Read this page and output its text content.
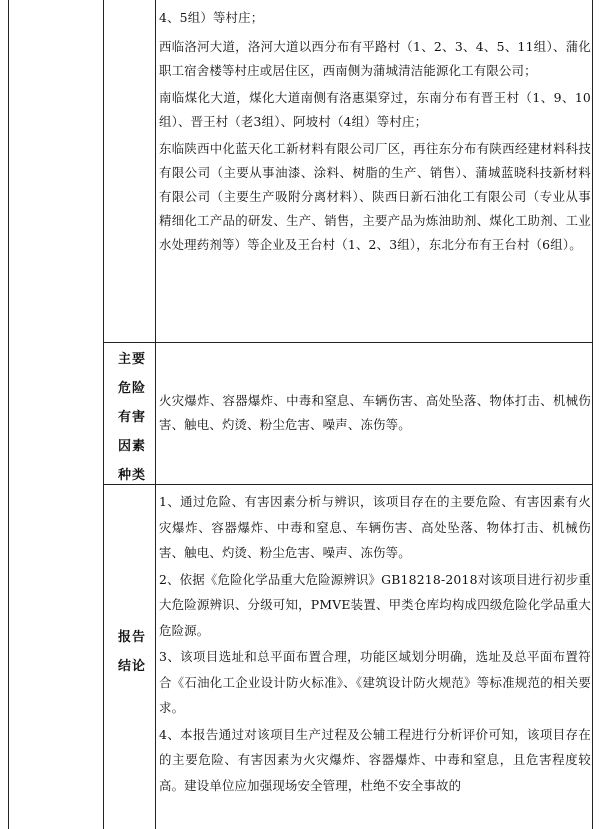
4、5组）等村庄；

西临洛河大道，洛河大道以西分布有平路村（1、2、3、4、5、11组）、蒲化职工宿舍楼等村庄或居住区，西南侧为蒲城清洁能源化工有限公司；

南临煤化大道，煤化大道南侧有洛惠渠穿过，东南分布有晋王村（1、9、10组）、晋王村（老3组）、阿坡村（4组）等村庄；

东临陕西中化蓝天化工新材料有限公司厂区，再往东分布有陕西经建材料科技有限公司（主要从事油漆、涂料、树脂的生产、销售）、蒲城蓝晓科技新材料有限公司（主要生产吸附分离材料）、陕西日新石油化工有限公司（专业从事精细化工产品的研发、生产、销售，主要产品为炼油助剂、煤化工助剂、工业水处理药剂等）等企业及王台村（1、2、3组），东北分布有王台村（6组）。

主要
危险
有害
因素
种类

火灾爆炸、容器爆炸、中毒和窒息、车辆伤害、高处坠落、物体打击、机械伤害、触电、灼烫、粉尘危害、噪声、冻伤等。

报告
结论

1、通过危险、有害因素分析与辨识，该项目存在的主要危险、有害因素有火灾爆炸、容器爆炸、中毒和窒息、车辆伤害、高处坠落、物体打击、机械伤害、触电、灼烫、粉尘危害、噪声、冻伤等。

2、依据《危险化学品重大危险源辨识》GB18218-2018对该项目进行初步重大危险源辨识、分级可知，PMVE装置、甲类仓库均构成四级危险化学品重大危险源。

3、该项目选址和总平面布置合理，功能区域划分明确，选址及总平面布置符合《石油化工企业设计防火标准》、《建筑设计防火规范》等标准规范的相关要求。

4、本报告通过对该项目生产过程及公辅工程进行分析评价可知，该项目存在的主要危险、有害因素为火灾爆炸、容器爆炸、中毒和窒息，且危害程度较高。建设单位应加强现场安全管理，杜绝不安全事故的
